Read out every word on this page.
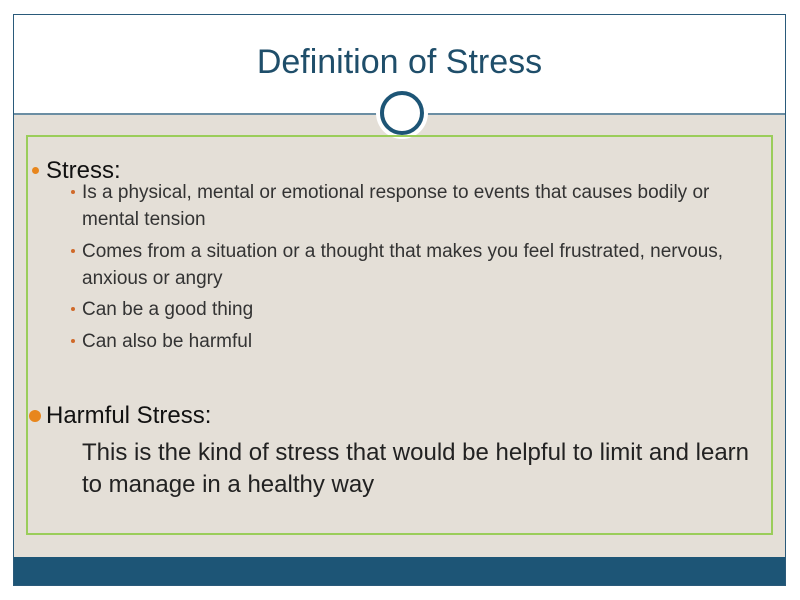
Definition of Stress
Stress:
Is a physical, mental or emotional response to events that causes bodily or mental tension
Comes from a situation or a thought that makes you feel frustrated, nervous, anxious or angry
Can be a good thing
Can also be harmful
Harmful Stress:
This is the kind of stress that would be helpful to limit and learn to manage in a healthy way
